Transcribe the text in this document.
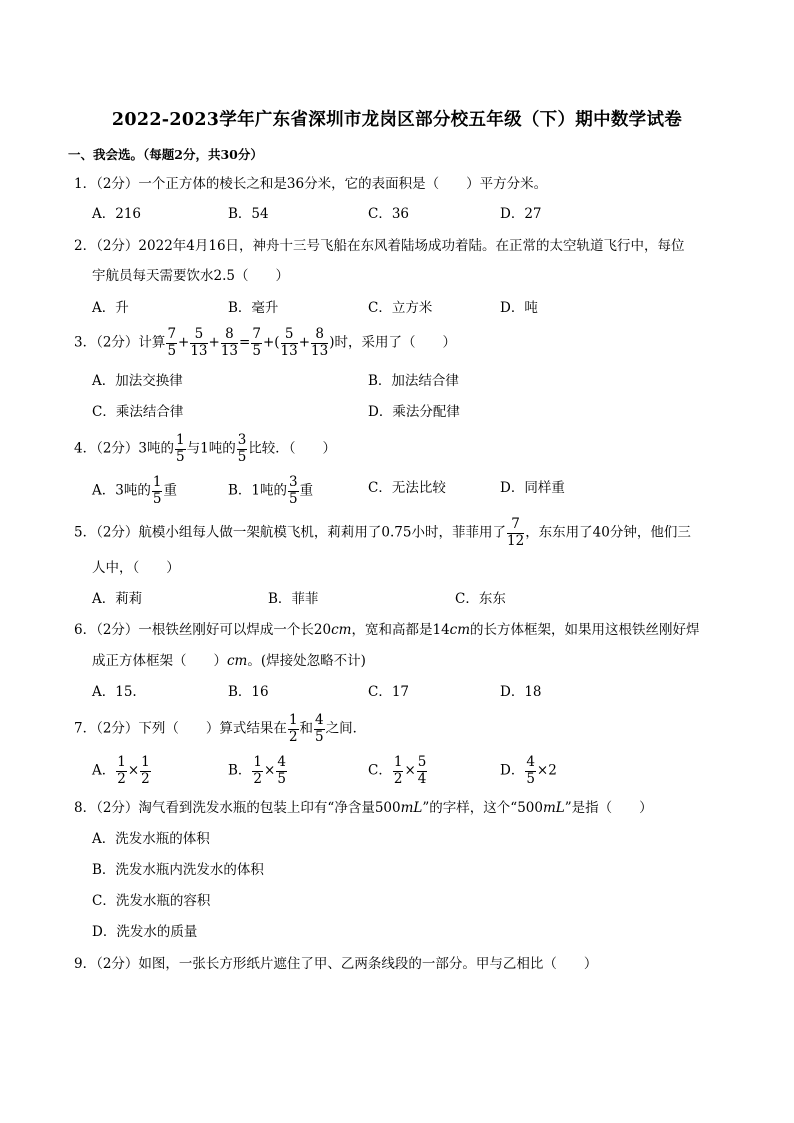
2022-2023学年广东省深圳市龙岗区部分校五年级（下）期中数学试卷
一、我会选。（每题2分，共30分）
1．（2分）一个正方体的棱长之和是36分米，它的表面积是（　　）平方分米。
A．216	B．54	C．36	D．27
2．（2分）2022年4月16日，神舟十三号飞船在东风着陆场成功着陆。在正常的太空轨道飞行中，每位
宇航员每天需要饮水2.5（　　）
A．升	B．毫升	C．立方米	D．吨
3．（2分）计算 $\frac{7}{5} + \frac{5}{13} + \frac{8}{13} = \frac{7}{5}$ +( $\frac{5}{13} + \frac{8}{13}$ )时，采用了（　　）
A．加法交换律	B．加法结合律
C．乘法结合律	D．乘法分配律
4．（2分）3吨的 $\frac{1}{5}$ 与1吨的 $\frac{3}{5}$ 比较．（　　）
A．3吨的 $\frac{1}{5}$ 重	B．1吨的 $\frac{3}{5}$ 重	C．无法比较	D．同样重
5．（2分）航模小组每人做一架航模飞机，莉莉用了0.75小时，菲菲用了 $\frac{7}{12}$ ，东东用了40分钟，他们三
人中，（　　）
A．莉莉	B．菲菲	C．东东
6．（2分）一根铁丝刚好可以焊成一个长20cm，宽和高都是14cm的长方体框架，如果用这根铁丝刚好焊
成正方体框架（　　）cm。(焊接处忽略不计)
A．15.	B．16	C．17	D．18
7．（2分）下列（　　）算式结果在 $\frac{1}{2}$ 和 $\frac{4}{5}$ 之间．
A． $\frac{1}{2} \times \frac{1}{2}$	B． $\frac{1}{2} \times \frac{4}{5}$	C． $\frac{1}{2} \times \frac{5}{4}$	D． $\frac{4}{5} \times 2$
8．（2分）淘气看到洗发水瓶的包装上印有“净含量500mL”的字样，这个“500mL”是指（　　）
A．洗发水瓶的体积
B．洗发水瓶内洗发水的体积
C．洗发水瓶的容积
D．洗发水的质量
9．（2分）如图，一张长方形纸片遮住了甲、乙两条线段的一部分。甲与乙相比（　　）
